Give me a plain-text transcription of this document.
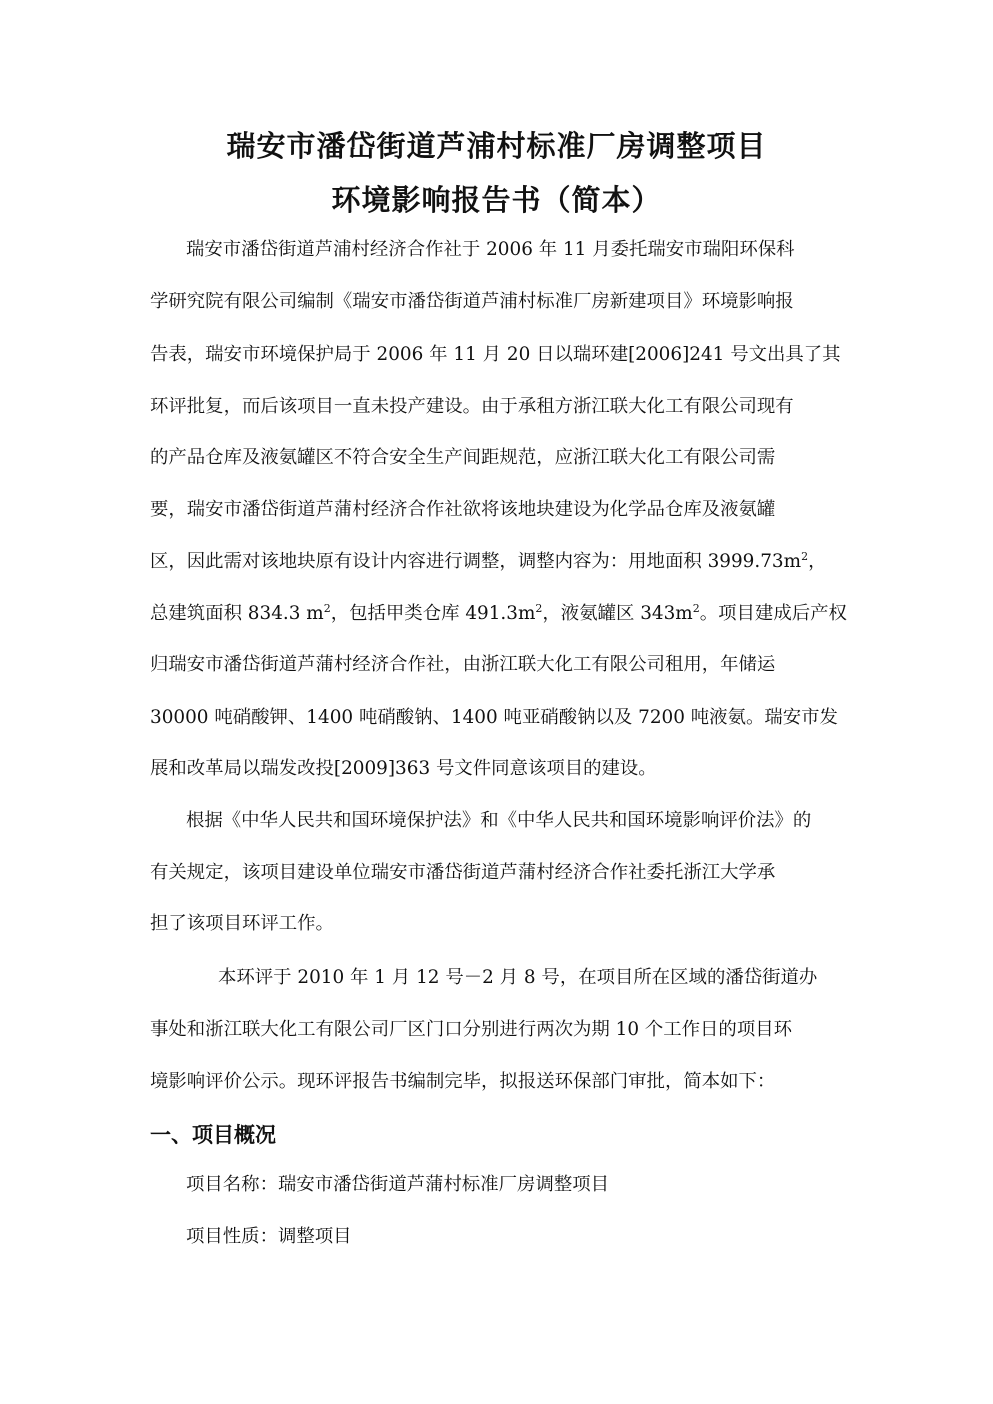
瑞安市潘岱街道芦浦村标准厂房调整项目
环境影响报告书（简本）
瑞安市潘岱街道芦浦村经济合作社于 2006 年 11 月委托瑞安市瑞阳环保科
学研究院有限公司编制《瑞安市潘岱街道芦浦村标准厂房新建项目》环境影响报
告表，瑞安市环境保护局于 2006 年 11 月 20 日以瑞环建[2006]241 号文出具了其
环评批复，而后该项目一直未投产建设。由于承租方浙江联大化工有限公司现有
的产品仓库及液氨罐区不符合安全生产间距规范，应浙江联大化工有限公司需
要，瑞安市潘岱街道芦蒲村经济合作社欲将该地块建设为化学品仓库及液氨罐
区，因此需对该地块原有设计内容进行调整，调整内容为：用地面积 $3999.73m^2$，
总建筑面积 834.3 $m^2$，包括甲类仓库 $491.3m^2$，液氨罐区 $343m^2$。项目建成后产权
归瑞安市潘岱街道芦蒲村经济合作社，由浙江联大化工有限公司租用，年储运
30000 吨硝酸钾、1400 吨硝酸钠、1400 吨亚硝酸钠以及 7200 吨液氨。瑞安市发
展和改革局以瑞发改投[2009]363 号文件同意该项目的建设。
根据《中华人民共和国环境保护法》和《中华人民共和国环境影响评价法》的
有关规定，该项目建设单位瑞安市潘岱街道芦蒲村经济合作社委托浙江大学承
担了该项目环评工作。
本环评于 2010 年 1 月 12 号－2 月 8 号，在项目所在区域的潘岱街道办
事处和浙江联大化工有限公司厂区门口分别进行两次为期 10 个工作日的项目环
境影响评价公示。现环评报告书编制完毕，拟报送环保部门审批，简本如下：
一、项目概况
项目名称：瑞安市潘岱街道芦蒲村标准厂房调整项目
项目性质：调整项目
